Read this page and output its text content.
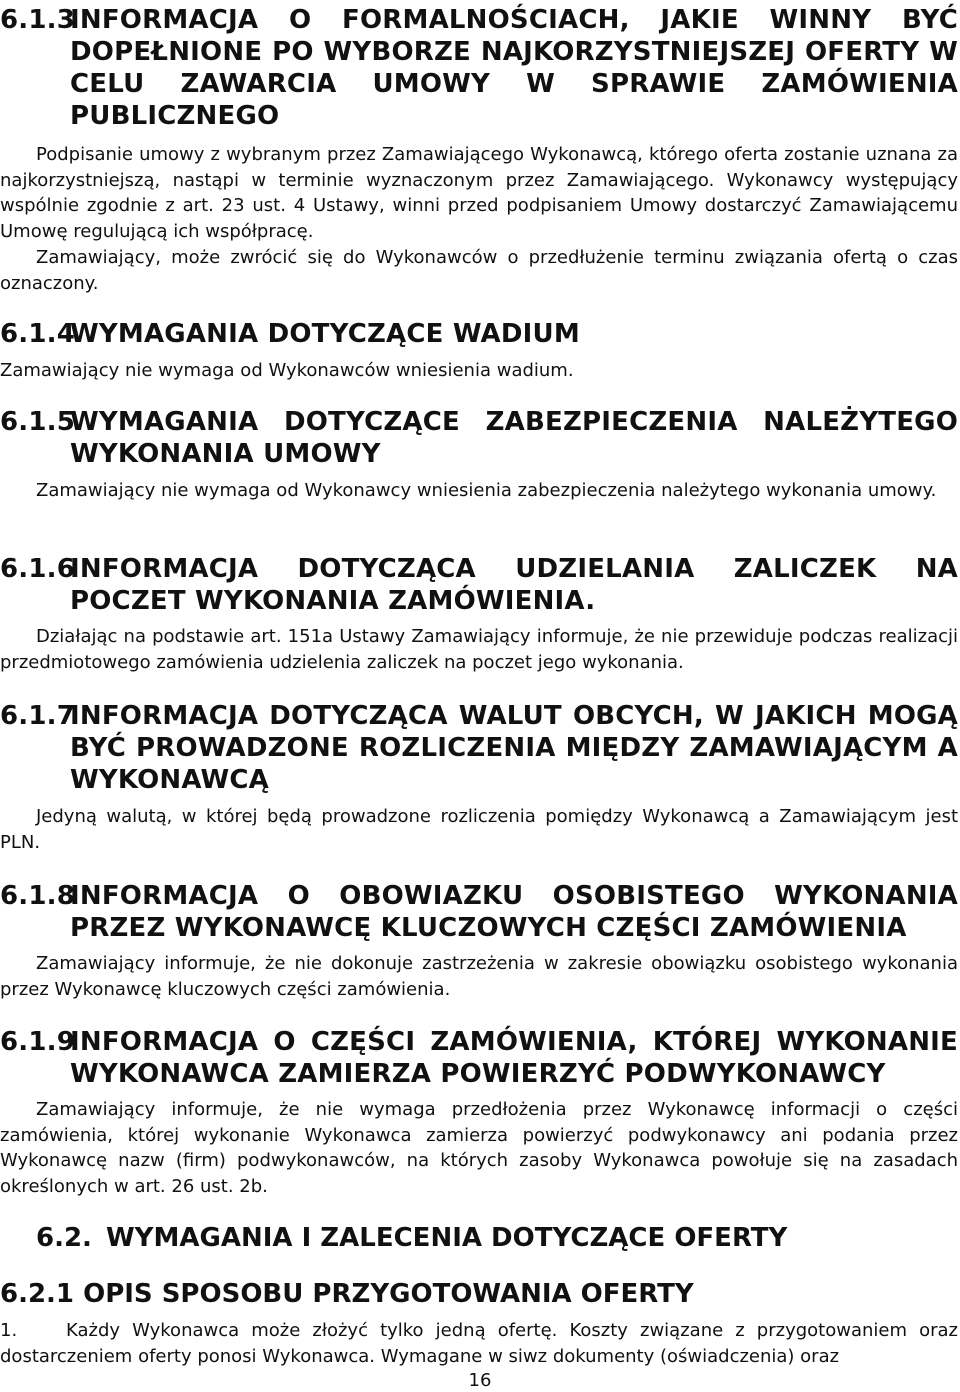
6.1.3
INFORMACJA O FORMALNOŚCIACH, JAKIE WINNY BYĆ DOPEŁNIONE PO WYBORZE NAJKORZYSTNIEJSZEJ OFERTY W CELU ZAWARCIA UMOWY W SPRAWIE ZAMÓWIENIA PUBLICZNEGO
Podpisanie umowy z wybranym przez Zamawiającego Wykonawcą, którego oferta zostanie uznana za najkorzystniejszą, nastąpi w terminie wyznaczonym przez Zamawiającego. Wykonawcy występujący wspólnie zgodnie z art. 23 ust. 4 Ustawy, winni przed podpisaniem Umowy dostarczyć Zamawiającemu Umowę regulującą ich współpracę.
Zamawiający, może zwrócić się do Wykonawców o przedłużenie terminu związania ofertą o czas oznaczony.
6.1.4
WYMAGANIA DOTYCZĄCE WADIUM
Zamawiający nie wymaga od Wykonawców wniesienia wadium.
6.1.5
WYMAGANIA DOTYCZĄCE ZABEZPIECZENIA NALEŻYTEGO WYKONANIA UMOWY
Zamawiający nie wymaga od Wykonawcy wniesienia zabezpieczenia należytego wykonania umowy.
6.1.6
INFORMACJA DOTYCZĄCA UDZIELANIA ZALICZEK NA POCZET WYKONANIA ZAMÓWIENIA.
Działając na podstawie art. 151a Ustawy Zamawiający informuje, że nie przewiduje podczas realizacji przedmiotowego zamówienia udzielenia zaliczek na poczet jego wykonania.
6.1.7
INFORMACJA DOTYCZĄCA WALUT OBCYCH, W JAKICH MOGĄ BYĆ PROWADZONE ROZLICZENIA MIĘDZY ZAMAWIAJĄCYM A WYKONAWCĄ
Jedyną walutą, w której będą prowadzone rozliczenia pomiędzy Wykonawcą a Zamawiającym jest PLN.
6.1.8
INFORMACJA O OBOWIAZKU OSOBISTEGO WYKONANIA PRZEZ WYKONAWCĘ KLUCZOWYCH CZĘŚCI ZAMÓWIENIA
Zamawiający informuje, że nie dokonuje zastrzeżenia w zakresie obowiązku osobistego wykonania przez Wykonawcę kluczowych części zamówienia.
6.1.9
INFORMACJA O CZĘŚCI ZAMÓWIENIA, KTÓREJ WYKONANIE WYKONAWCA ZAMIERZA POWIERZYĆ PODWYKONAWCY
Zamawiający informuje, że nie wymaga przedłożenia przez Wykonawcę informacji o części zamówienia, której wykonanie Wykonawca zamierza powierzyć podwykonawcy ani podania przez Wykonawcę nazw (firm) podwykonawców, na których zasoby Wykonawca powołuje się na zasadach określonych w art. 26 ust. 2b.
6.2. WYMAGANIA I ZALECENIA DOTYCZĄCE OFERTY
6.2.1 OPIS SPOSOBU PRZYGOTOWANIA OFERTY
1.	Każdy Wykonawca może złożyć tylko jedną ofertę. Koszty związane z przygotowaniem oraz dostarczeniem oferty ponosi Wykonawca. Wymagane w siwz dokumenty (oświadczenia) oraz
16
